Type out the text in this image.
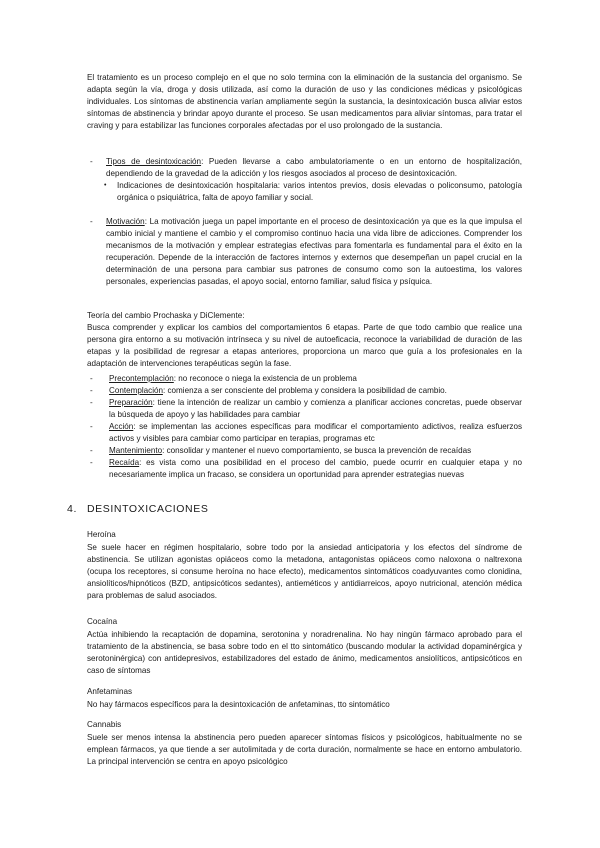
El tratamiento es un proceso complejo en el que no solo termina con la eliminación de la sustancia del organismo. Se adapta según la vía, droga y dosis utilizada, así como la duración de uso y las condiciones médicas y psicológicas individuales. Los síntomas de abstinencia varían ampliamente según la sustancia, la desintoxicación busca aliviar estos síntomas de abstinencia y brindar apoyo durante el proceso. Se usan medicamentos para aliviar síntomas, para tratar el craving y para estabilizar las funciones corporales afectadas por el uso prolongado de la sustancia.

- Tipos de desintoxicación: Pueden llevarse a cabo ambulatoriamente o en un entorno de hospitalización, dependiendo de la gravedad de la adicción y los riesgos asociados al proceso de desintoxicación.

• Indicaciones de desintoxicación hospitalaria: varios intentos previos, dosis elevadas o policonsumo, patología orgánica o psiquiátrica, falta de apoyo familiar y social.

- Motivación: La motivación juega un papel importante en el proceso de desintoxicación ya que es la que impulsa el cambio inicial y mantiene el cambio y el compromiso continuo hacia una vida libre de adicciones. Comprender los mecanismos de la motivación y emplear estrategias efectivas para fomentarla es fundamental para el éxito en la recuperación. Depende de la interacción de factores internos y externos que desempeñan un papel crucial en la determinación de una persona para cambiar sus patrones de consumo como son la autoestima, los valores personales, experiencias pasadas, el apoyo social, entorno familiar, salud física y psíquica.

Teoría del cambio Prochaska y DiClemente:

Busca comprender y explicar los cambios del comportamientos 6 etapas. Parte de que todo cambio que realice una persona gira entorno a su motivación intrínseca y su nivel de autoeficacia, reconoce la variabilidad de duración de las etapas y la posibilidad de regresar a etapas anteriores, proporciona un marco que guía a los profesionales en la adaptación de intervenciones terapéuticas según la fase.

- Precontemplación: no reconoce o niega la existencia de un problema

- Contemplación: comienza a ser consciente del problema y considera la posibilidad de cambio.

- Preparación: tiene la intención de realizar un cambio y comienza a planificar acciones concretas, puede observar la búsqueda de apoyo y las habilidades para cambiar

- Acción: se implementan las acciones específicas para modificar el comportamiento adictivos, realiza esfuerzos activos y visibles para cambiar como participar en terapias, programas etc

- Mantenimiento: consolidar y mantener el nuevo comportamiento, se busca la prevención de recaídas

- Recaída: es vista como una posibilidad en el proceso del cambio, puede ocurrir en cualquier etapa y no necesariamente implica un fracaso, se considera un oportunidad para aprender estrategias nuevas

4. DESINTOXICACIONES

Heroína

Se suele hacer en régimen hospitalario, sobre todo por la ansiedad anticipatoria y los efectos del síndrome de abstinencia. Se utilizan agonistas opiáceos como la metadona, antagonistas opiáceos como naloxona o naltrexona (ocupa los receptores, si consume heroína no hace efecto), medicamentos sintomáticos coadyuvantes como clonidina, ansiolíticos/hipnóticos (BZD, antipsicóticos sedantes), antieméticos y antidiarreicos, apoyo nutricional, atención médica para problemas de salud asociados.

Cocaína

Actúa inhibiendo la recaptación de dopamina, serotonina y noradrenalina. No hay ningún fármaco aprobado para el tratamiento de la abstinencia, se basa sobre todo en el tto sintomático (buscando modular la actividad dopaminérgica y serotoninérgica) con antidepresivos, estabilizadores del estado de ánimo, medicamentos ansiolíticos, antipsicóticos en caso de síntomas

Anfetaminas

No hay fármacos específicos para la desintoxicación de anfetaminas, tto sintomático

Cannabis

Suele ser menos intensa la abstinencia pero pueden aparecer síntomas físicos y psicológicos, habitualmente no se emplean fármacos, ya que tiende a ser autolimitada y de corta duración, normalmente se hace en entorno ambulatorio. La principal intervención se centra en apoyo psicológico
